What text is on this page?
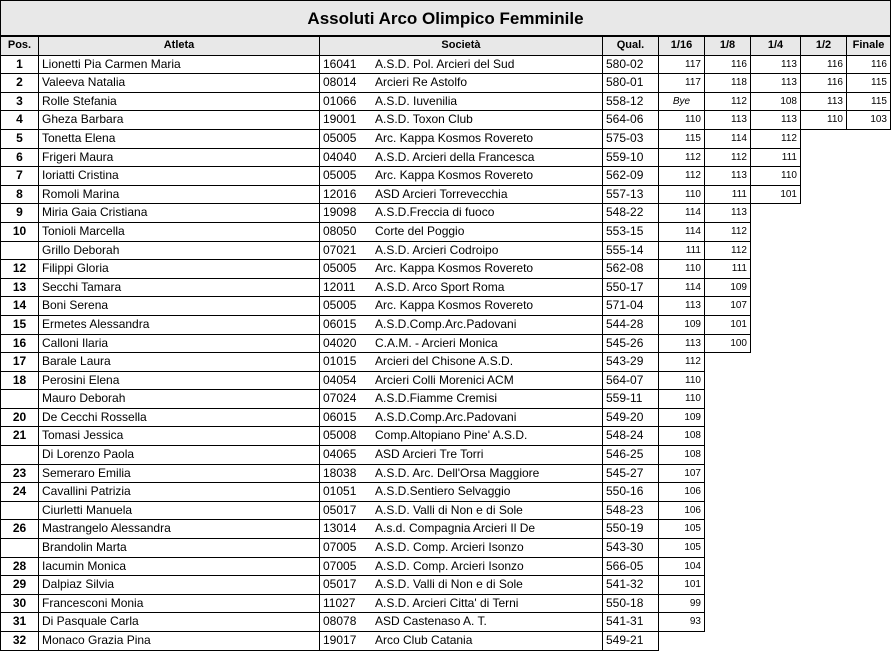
Assoluti Arco Olimpico Femminile
Pos.	Atleta	Società	Qual.	1/16	1/8	1/4	1/2	Finale
1	Lionetti Pia Carmen Maria	16041 A.S.D. Pol. Arcieri del Sud	580-02	117	116	113	116	116
2	Valeeva Natalia	08014 Arcieri Re Astolfo	580-01	117	118	113	116	115
3	Rolle Stefania	01066 A.S.D. Iuvenilia	558-12	Bye	112	108	113	115
4	Gheza Barbara	19001 A.S.D. Toxon Club	564-06	110	113	113	110	103
5	Tonetta Elena	05005 Arc. Kappa Kosmos Rovereto	575-03	115	114	112		
6	Frigeri Maura	04040 A.S.D. Arcieri della Francesca	559-10	112	112	111		
7	Ioriatti Cristina	05005 Arc. Kappa Kosmos Rovereto	562-09	112	113	110		
8	Romoli Marina	12016 ASD Arcieri Torrevecchia	557-13	110	111	101		
9	Miria Gaia Cristiana	19098 A.S.D.Freccia di fuoco	548-22	114	113			
10	Tonioli Marcella	08050 Corte del Poggio	553-15	114	112			
	Grillo Deborah	07021 A.S.D. Arcieri Codroipo	555-14	111	112			
12	Filippi Gloria	05005 Arc. Kappa Kosmos Rovereto	562-08	110	111			
13	Secchi Tamara	12011 A.S.D. Arco Sport Roma	550-17	114	109			
14	Boni Serena	05005 Arc. Kappa Kosmos Rovereto	571-04	113	107			
15	Ermetes Alessandra	06015 A.S.D.Comp.Arc.Padovani	544-28	109	101			
16	Calloni Ilaria	04020 C.A.M. - Arcieri Monica	545-26	113	100			
17	Barale Laura	01015 Arcieri del Chisone A.S.D.	543-29	112				
18	Perosini Elena	04054 Arcieri Colli Morenici ACM	564-07	110				
	Mauro Deborah	07024 A.S.D.Fiamme Cremisi	559-11	110				
20	De Cecchi Rossella	06015 A.S.D.Comp.Arc.Padovani	549-20	109				
21	Tomasi Jessica	05008 Comp.Altopiano Pine' A.S.D.	548-24	108				
	Di Lorenzo Paola	04065 ASD Arcieri Tre Torri	546-25	108				
23	Semeraro Emilia	18038 A.S.D. Arc. Dell'Orsa Maggiore	545-27	107				
24	Cavallini Patrizia	01051 A.S.D.Sentiero Selvaggio	550-16	106				
	Ciurletti Manuela	05017 A.S.D. Valli di Non e di Sole	548-23	106				
26	Mastrangelo Alessandra	13014 A.s.d. Compagnia Arcieri Il De	550-19	105				
	Brandolin Marta	07005 A.S.D. Comp. Arcieri Isonzo	543-30	105				
28	Iacumin Monica	07005 A.S.D. Comp. Arcieri Isonzo	566-05	104				
29	Dalpiaz Silvia	05017 A.S.D. Valli di Non e di Sole	541-32	101				
30	Francesconi Monia	11027 A.S.D. Arcieri Citta' di Terni	550-18	99				
31	Di Pasquale Carla	08078 ASD Castenaso A. T.	541-31	93				
32	Monaco Grazia Pina	19017 Arco Club Catania	549-21					
